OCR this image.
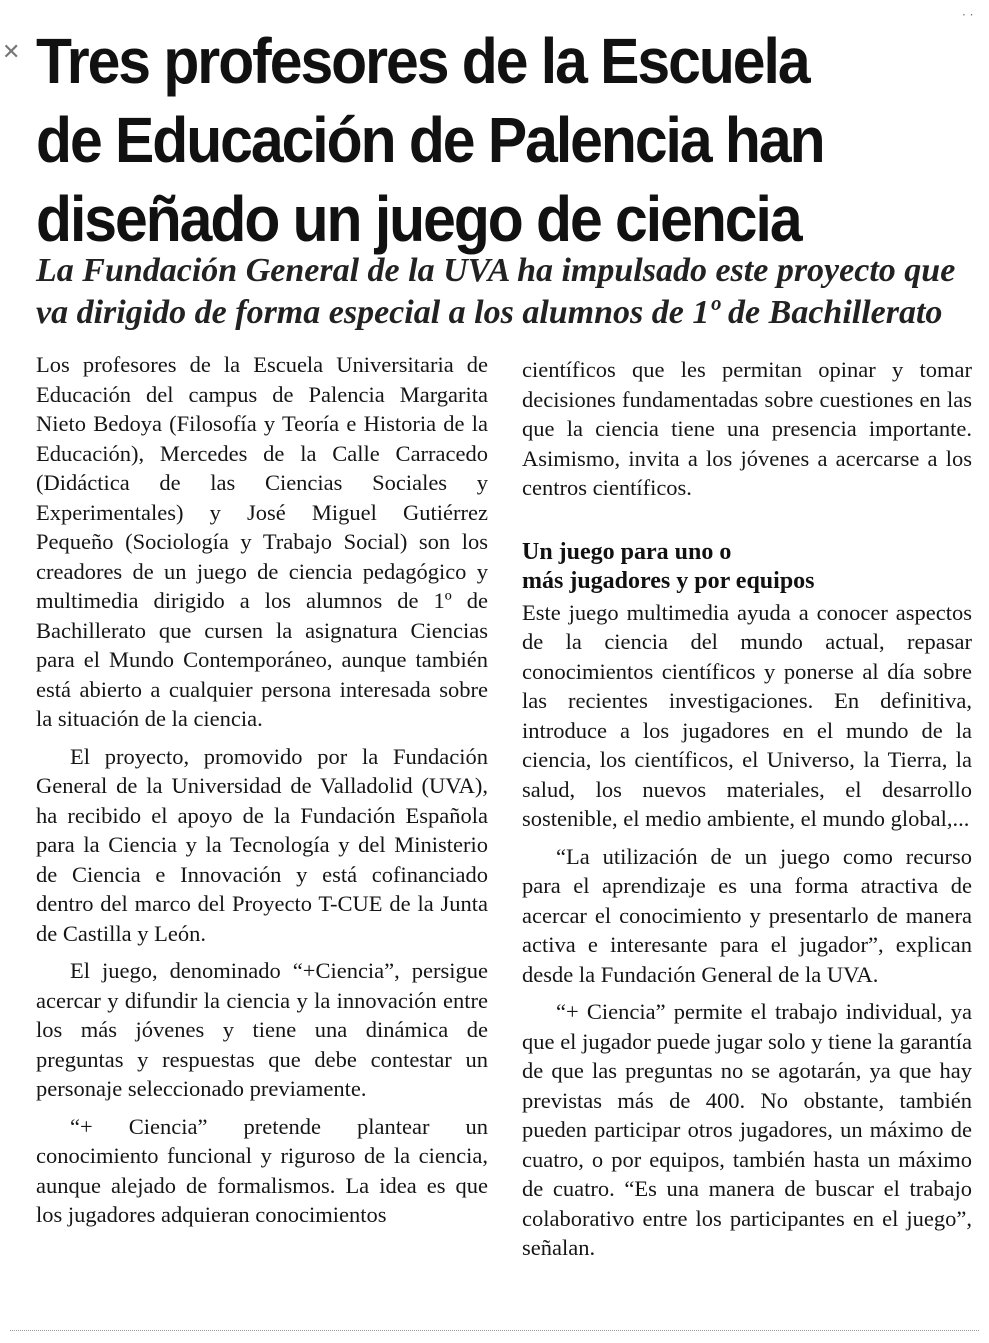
✕
· ·
Tres profesores de la Escuela
de Educación de Palencia han
diseñado un juego de ciencia
La Fundación General de la UVA ha impulsado este proyecto que
va dirigido de forma especial a los alumnos de 1º de Bachillerato

Los profesores de la Escuela Universitaria de Educación del campus de Palencia Margarita Nieto Bedoya (Filosofía y Teoría e Historia de la Educación), Mercedes de la Calle Carracedo (Didáctica de las Ciencias Sociales y Experimentales) y José Miguel Gutiérrez Pequeño (Sociología y Trabajo Social) son los creadores de un juego de ciencia pedagógico y multimedia dirigido a los alumnos de 1º de Bachillerato que cursen la asignatura Ciencias para el Mundo Contemporáneo, aunque también está abierto a cualquier persona interesada sobre la situación de la ciencia.

El proyecto, promovido por la Fundación General de la Universidad de Valladolid (UVA), ha recibido el apoyo de la Fundación Española para la Ciencia y la Tecnología y del Ministerio de Ciencia e Innovación y está cofinanciado dentro del marco del Proyecto T-CUE de la Junta de Castilla y León.

El juego, denominado “+Ciencia”, persigue acercar y difundir la ciencia y la innovación entre los más jóvenes y tiene una dinámica de preguntas y respuestas que debe contestar un personaje seleccionado previamente.

“+ Ciencia” pretende plantear un conocimiento funcional y riguroso de la ciencia, aunque alejado de formalismos. La idea es que los jugadores adquieran conocimientos

científicos que les permitan opinar y tomar decisiones fundamentadas sobre cuestiones en las que la ciencia tiene una presencia importante. Asimismo, invita a los jóvenes a acercarse a los centros científicos.

Un juego para uno o
más jugadores y por equipos

Este juego multimedia ayuda a conocer aspectos de la ciencia del mundo actual, repasar conocimientos científicos y ponerse al día sobre las recientes investigaciones. En definitiva, introduce a los jugadores en el mundo de la ciencia, los científicos, el Universo, la Tierra, la salud, los nuevos materiales, el desarrollo sostenible, el medio ambiente, el mundo global,...

“La utilización de un juego como recurso para el aprendizaje es una forma atractiva de acercar el conocimiento y presentarlo de manera activa e interesante para el jugador”, explican desde la Fundación General de la UVA.

“+ Ciencia” permite el trabajo individual, ya que el jugador puede jugar solo y tiene la garantía de que las preguntas no se agotarán, ya que hay previstas más de 400. No obstante, también pueden participar otros jugadores, un máximo de cuatro, o por equipos, también hasta un máximo de cuatro. “Es una manera de buscar el trabajo colaborativo entre los participantes en el juego”, señalan.
